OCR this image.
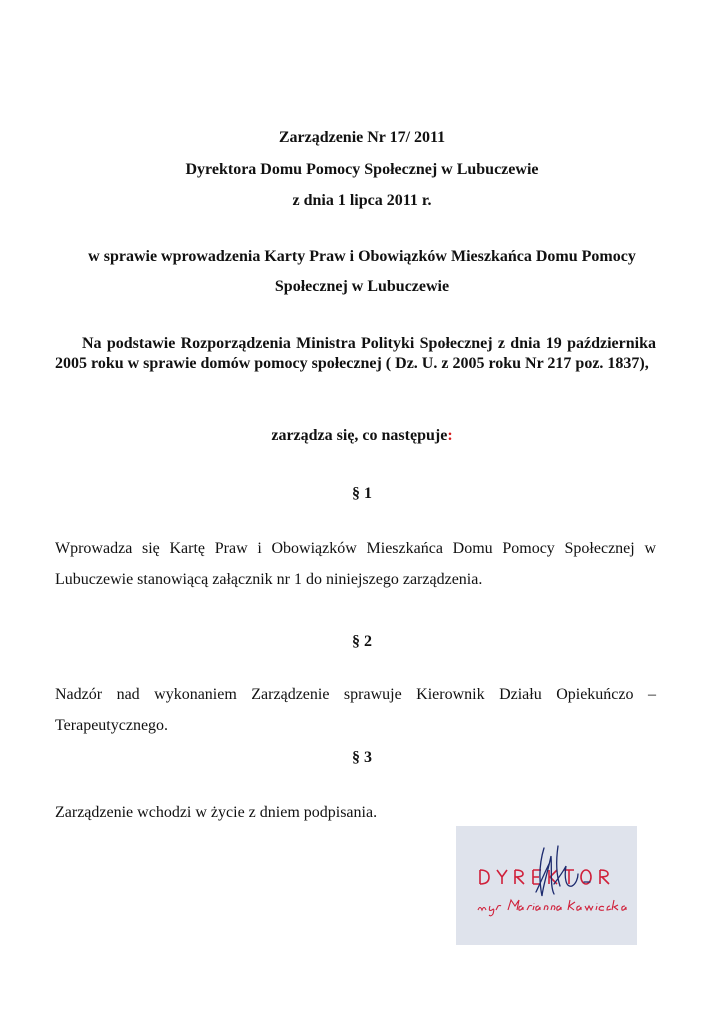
Zarządzenie Nr 17/ 2011
Dyrektora Domu Pomocy Społecznej w Lubuczewie
z dnia 1 lipca 2011 r.
w sprawie wprowadzenia Karty Praw i Obowiązków Mieszkańca Domu Pomocy
Społecznej w Lubuczewie
Na podstawie Rozporządzenia Ministra Polityki Społecznej z dnia 19 października 2005 roku w sprawie domów pomocy społecznej ( Dz. U. z 2005 roku Nr 217 poz. 1837),
zarządza się, co następuje:
§ 1
Wprowadza się Kartę Praw i Obowiązków Mieszkańca Domu Pomocy Społecznej w Lubuczewie stanowiącą załącznik nr 1 do niniejszego zarządzenia.
§ 2
Nadzór nad wykonaniem Zarządzenie sprawuje Kierownik Działu Opiekuńczo – Terapeutycznego.
§ 3
Zarządzenie wchodzi w życie z dniem podpisania.
